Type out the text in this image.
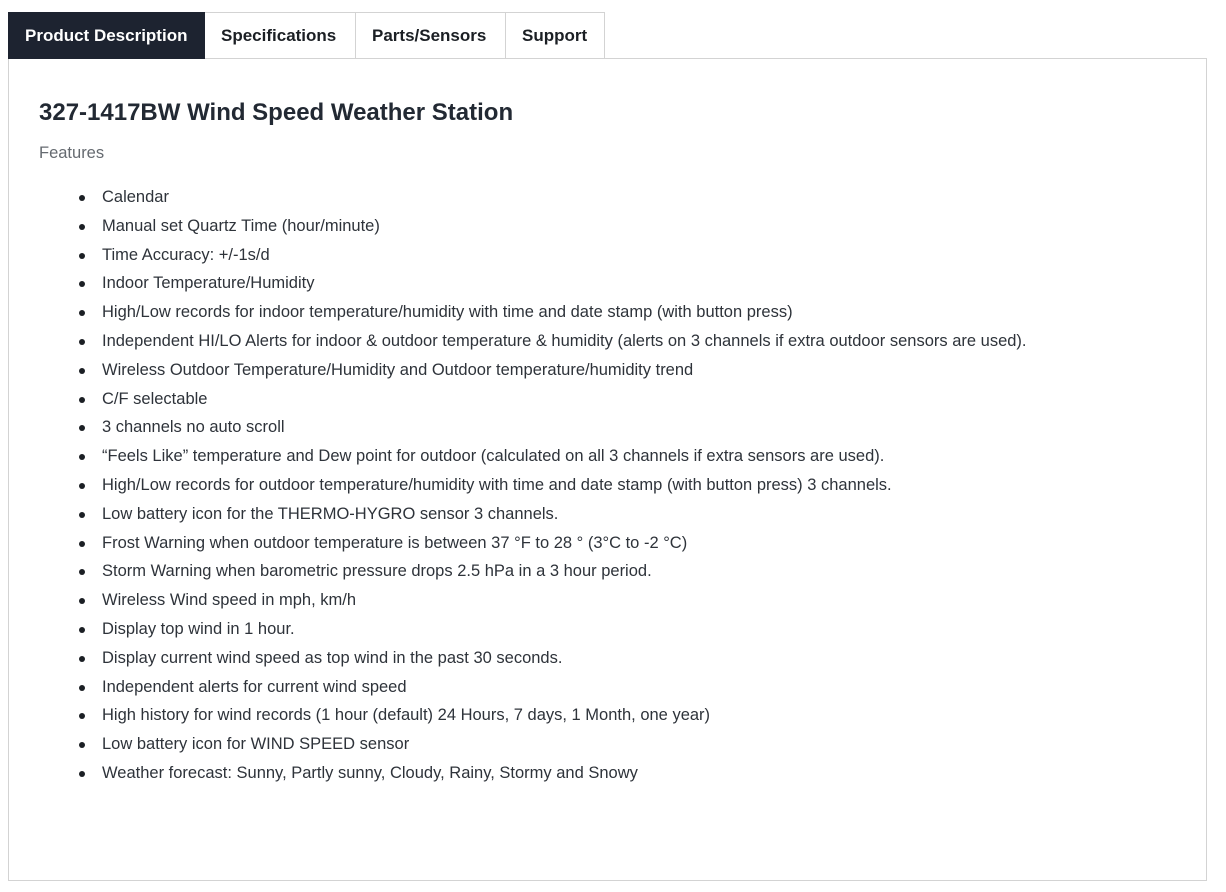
Product Description	Specifications	Parts/Sensors	Support
327-1417BW Wind Speed Weather Station
Features
Calendar
Manual set Quartz Time (hour/minute)
Time Accuracy: +/-1s/d
Indoor Temperature/Humidity
High/Low records for indoor temperature/humidity with time and date stamp (with button press)
Independent HI/LO Alerts for indoor & outdoor temperature & humidity (alerts on 3 channels if extra outdoor sensors are used).
Wireless Outdoor Temperature/Humidity and Outdoor temperature/humidity trend
C/F selectable
3 channels no auto scroll
“Feels Like” temperature and Dew point for outdoor (calculated on all 3 channels if extra sensors are used).
High/Low records for outdoor temperature/humidity with time and date stamp (with button press) 3 channels.
Low battery icon for the THERMO-HYGRO sensor 3 channels.
Frost Warning when outdoor temperature is between 37 °F to 28 ° (3°C to -2 °C)
Storm Warning when barometric pressure drops 2.5 hPa in a 3 hour period.
Wireless Wind speed in mph, km/h
Display top wind in 1 hour.
Display current wind speed as top wind in the past 30 seconds.
Independent alerts for current wind speed
High history for wind records (1 hour (default) 24 Hours, 7 days, 1 Month, one year)
Low battery icon for WIND SPEED sensor
Weather forecast: Sunny, Partly sunny, Cloudy, Rainy, Stormy and Snowy
